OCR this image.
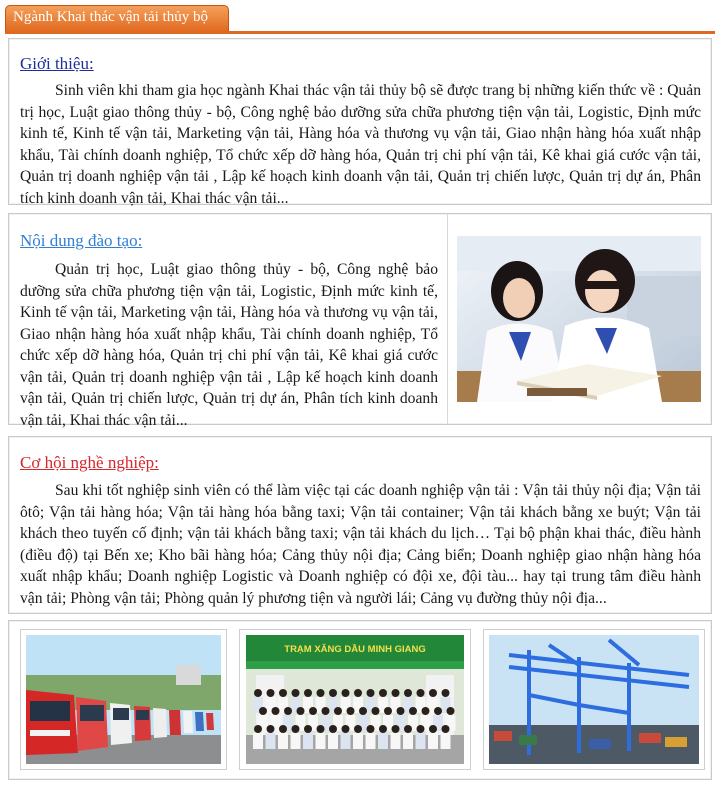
Ngành Khai thác vận tải thủy bộ
Giới thiệu:
Sinh viên khi tham gia học ngành Khai thác vận tải thủy bộ sẽ được trang bị những kiến thức về : Quản trị học, Luật giao thông thủy - bộ, Công nghệ bảo dưỡng sửa chữa phương tiện vận tải, Logistic, Định mức kinh tế, Kinh tế vận tải, Marketing vận tải, Hàng hóa và thương vụ vận tải, Giao nhận hàng hóa xuất nhập khẩu, Tài chính doanh nghiệp, Tổ chức xếp dỡ hàng hóa, Quản trị chi phí vận tải, Kê khai giá cước vận tải, Quản trị doanh nghiệp vận tải , Lập kế hoạch kinh doanh vận tải, Quản trị chiến lược, Quản trị dự án, Phân tích kinh doanh vận tải, Khai thác vận tải...
Nội dung đào tạo:
Quản trị học, Luật giao thông thủy - bộ, Công nghệ bảo dưỡng sửa chữa phương tiện vận tải, Logistic, Định mức kinh tế, Kinh tế vận tải, Marketing vận tải, Hàng hóa và thương vụ vận tải, Giao nhận hàng hóa xuất nhập khẩu, Tài chính doanh nghiệp, Tổ chức xếp dỡ hàng hóa, Quản trị chi phí vận tải, Kê khai giá cước vận tải, Quản trị doanh nghiệp vận tải , Lập kế hoạch kinh doanh vận tải, Quản trị chiến lược, Quản trị dự án, Phân tích kinh doanh vận tải, Khai thác vận tải...
Cơ hội nghề nghiệp:
Sau khi tốt nghiệp sinh viên có thể làm việc tại các doanh nghiệp vận tải : Vận tải thủy nội địa; Vận tải ôtô; Vận tải hàng hóa; Vận tải hàng hóa bằng taxi; Vận tải container; Vận tải khách bằng xe buýt; Vận tải khách theo tuyến cố định; vận tải khách bằng taxi; vận tải khách du lịch… Tại bộ phận khai thác, điều hành (điều độ) tại Bến xe; Kho bãi hàng hóa; Cảng thủy nội địa; Cảng biển; Doanh nghiệp giao nhận hàng hóa xuất nhập khẩu; Doanh nghiệp Logistic và Doanh nghiệp có đội xe, đội tàu... hay tại trung tâm điều hành vận tải; Phòng vận tải; Phòng quản lý phương tiện và người lái; Cảng vụ đường thủy nội địa...
TRẠM XĂNG DẦU MINH GIANG
